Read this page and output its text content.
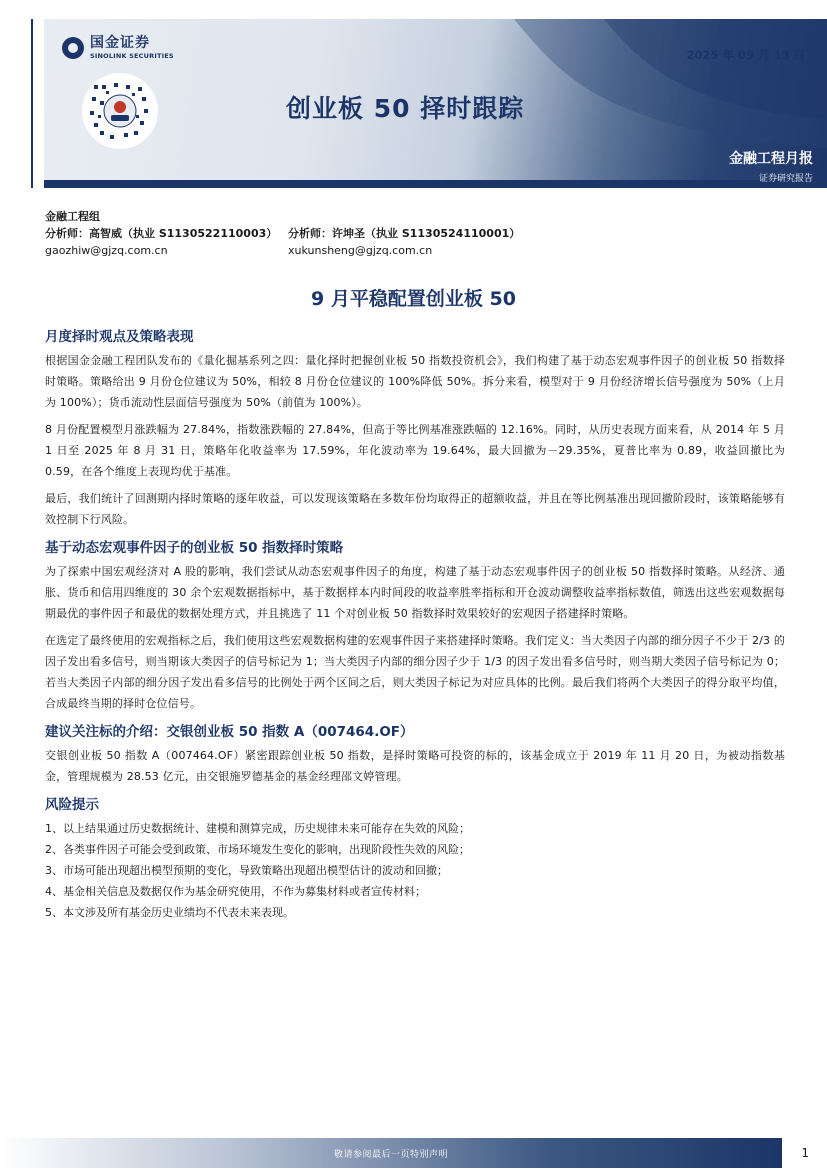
国金证券
SINOLINK SECURITIES	2025 年 09 月 13 日
创业板 50 择时跟踪
金融工程月报
证券研究报告
金融工程组
分析师：高智威（执业 S1130522110003） 分析师：许坤圣（执业 S1130524110001）
gaozhiw@gjzq.com.cn	xukunsheng@gjzq.com.cn
9 月平稳配置创业板 50
月度择时观点及策略表现

根据国金金融工程团队发布的《量化掘基系列之四：量化择时把握创业板 50 指数投资机会》，我们构建了基于动态宏观事件因子的创业板 50 指数择时策略。策略给出 9 月份仓位建议为 50%，相较 8 月份仓位建议的 100%降低 50%。拆分来看，模型对于 9 月份经济增长信号强度为 50%（上月为 100%）；货币流动性层面信号强度为 50%（前值为 100%）。

8 月份配置模型月涨跌幅为 27.84%，指数涨跌幅的 27.84%，但高于等比例基准涨跌幅的 12.16%。同时，从历史表现方面来看，从 2014 年 5 月 1 日至 2025 年 8 月 31 日，策略年化收益率为 17.59%，年化波动率为 19.64%，最大回撤为－29.35%，夏普比率为 0.89，收益回撤比为 0.59，在各个维度上表现均优于基准。

最后，我们统计了回测期内择时策略的逐年收益，可以发现该策略在多数年份均取得正的超额收益，并且在等比例基准出现回撤阶段时，该策略能够有效控制下行风险。

基于动态宏观事件因子的创业板 50 指数择时策略

为了探索中国宏观经济对 A 股的影响，我们尝试从动态宏观事件因子的角度，构建了基于动态宏观事件因子的创业板 50 指数择时策略。从经济、通胀、货币和信用四维度的 30 余个宏观数据指标中，基于数据样本内时间段的收益率胜率指标和开仓波动调整收益率指标数值，筛选出这些宏观数据每期最优的事件因子和最优的数据处理方式，并且挑选了 11 个对创业板 50 指数择时效果较好的宏观因子搭建择时策略。

在选定了最终使用的宏观指标之后，我们使用这些宏观数据构建的宏观事件因子来搭建择时策略。我们定义：当大类因子内部的细分因子不少于 2/3 的因子发出看多信号，则当期该大类因子的信号标记为 1；当大类因子内部的细分因子少于 1/3 的因子发出看多信号时，则当期大类因子信号标记为 0；若当大类因子内部的细分因子发出看多信号的比例处于两个区间之后，则大类因子标记为对应具体的比例。最后我们将两个大类因子的得分取平均值，合成最终当期的择时仓位信号。

建议关注标的介绍：交银创业板 50 指数 A（007464.OF）

交银创业板 50 指数 A（007464.OF）紧密跟踪创业板 50 指数，是择时策略可投资的标的，该基金成立于 2019 年 11 月 20 日，为被动指数基金，管理规模为 28.53 亿元，由交银施罗德基金的基金经理邵文婷管理。

风险提示

1、以上结果通过历史数据统计、建模和测算完成，历史规律未来可能存在失效的风险；

2、各类事件因子可能会受到政策、市场环境发生变化的影响，出现阶段性失效的风险；

3、市场可能出现超出模型预期的变化，导致策略出现超出模型估计的波动和回撤；

4、基金相关信息及数据仅作为基金研究使用，不作为募集材料或者宣传材料；

5、本文涉及所有基金历史业绩均不代表未来表现。

敬请参阅最后一页特别声明	1
